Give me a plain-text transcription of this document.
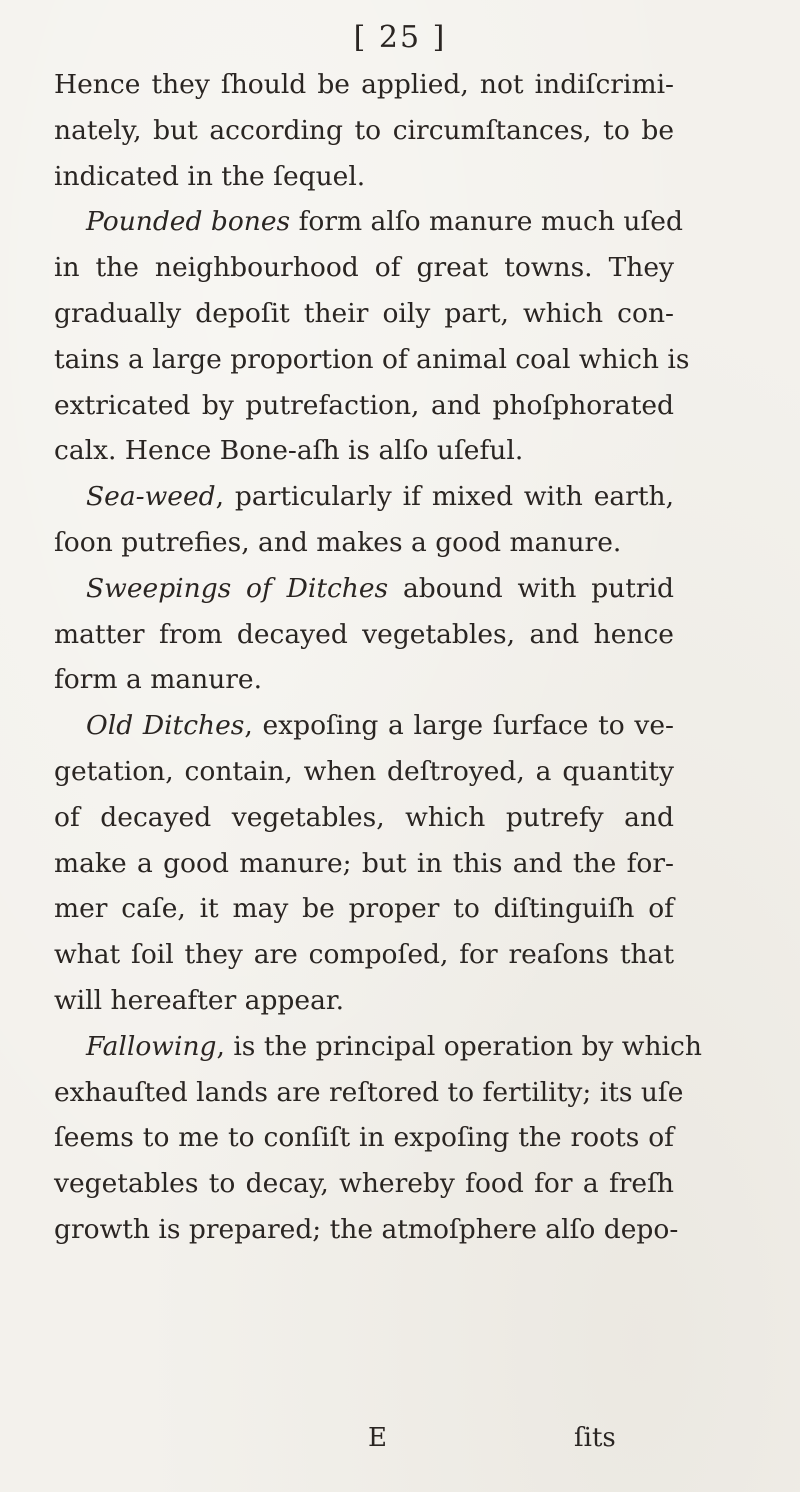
[ 25 ]
Hence they ſhould be applied, not indiſcrimi-
nately, but according to circumſtances, to be
indicated in the ſequel.
Pounded bones form alſo manure much uſed
in the neighbourhood of great towns. They
gradually depoſit their oily part, which con-
tains a large proportion of animal coal which is
extricated by putrefaction, and phoſphorated
calx. Hence Bone-aſh is alſo uſeful.
Sea-weed, particularly if mixed with earth,
ſoon putrefies, and makes a good manure.
Sweepings of Ditches abound with putrid
matter from decayed vegetables, and hence
form a manure.
Old Ditches, expoſing a large ſurface to ve-
getation, contain, when deſtroyed, a quantity
of decayed vegetables, which putrefy and
make a good manure; but in this and the for-
mer caſe, it may be proper to diſtinguiſh of
what ſoil they are compoſed, for reaſons that
will hereafter appear.
Fallowing, is the principal operation by which
exhauſted lands are reſtored to fertility; its uſe
ſeems to me to conſiſt in expoſing the roots of
vegetables to decay, whereby food for a freſh
growth is prepared; the atmoſphere alſo depo-
E	ſits
